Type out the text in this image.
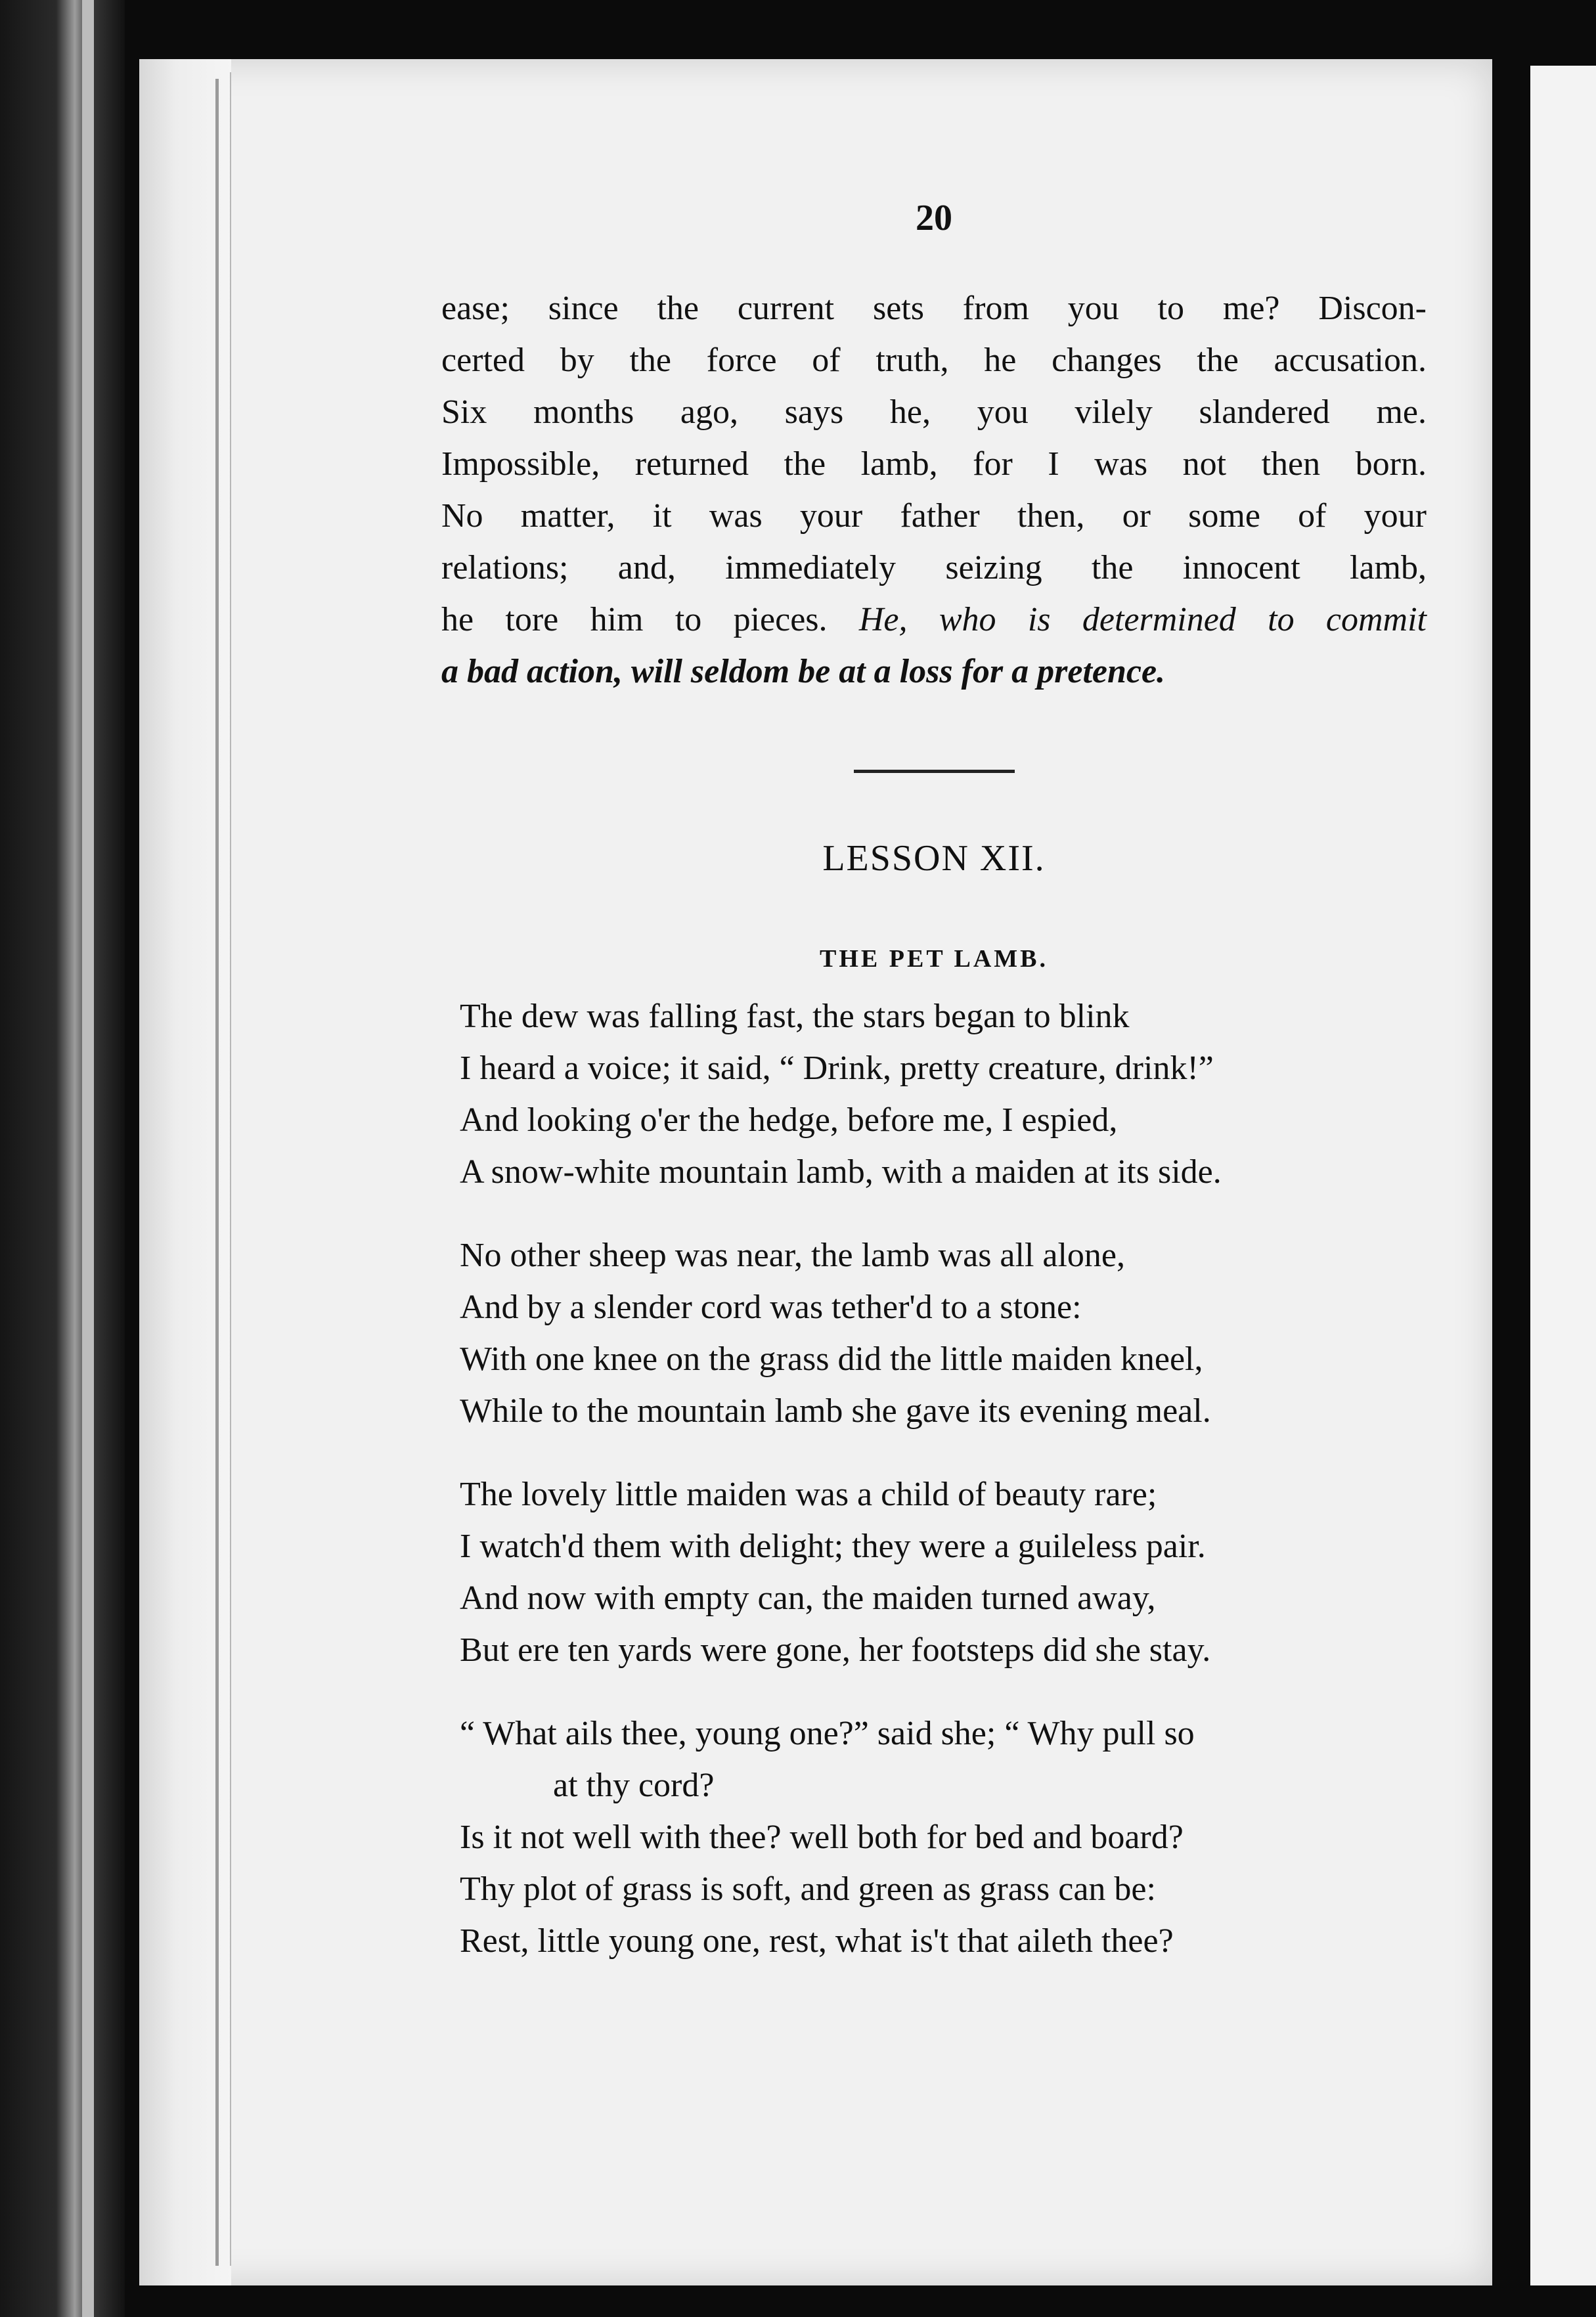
20
ease; since the current sets from you to me? Discon-
certed by the force of truth, he changes the accusation.
Six months ago, says he, you vilely slandered me.
Impossible, returned the lamb, for I was not then born.
No matter, it was your father then, or some of your
relations; and, immediately seizing the innocent lamb,
he tore him to pieces. He, who is determined to commit
a bad action, will seldom be at a loss for a pretence.
LESSON XII.
THE PET LAMB.
The dew was falling fast, the stars began to blink
I heard a voice; it said, “ Drink, pretty creature, drink!”
And looking o'er the hedge, before me, I espied,
A snow-white mountain lamb, with a maiden at its side.
No other sheep was near, the lamb was all alone,
And by a slender cord was tether'd to a stone:
With one knee on the grass did the little maiden kneel,
While to the mountain lamb she gave its evening meal.
The lovely little maiden was a child of beauty rare;
I watch'd them with delight; they were a guileless pair.
And now with empty can, the maiden turned away,
But ere ten yards were gone, her footsteps did she stay.
“ What ails thee, young one?” said she; “ Why pull so
at thy cord?
Is it not well with thee? well both for bed and board?
Thy plot of grass is soft, and green as grass can be:
Rest, little young one, rest, what is't that aileth thee?
